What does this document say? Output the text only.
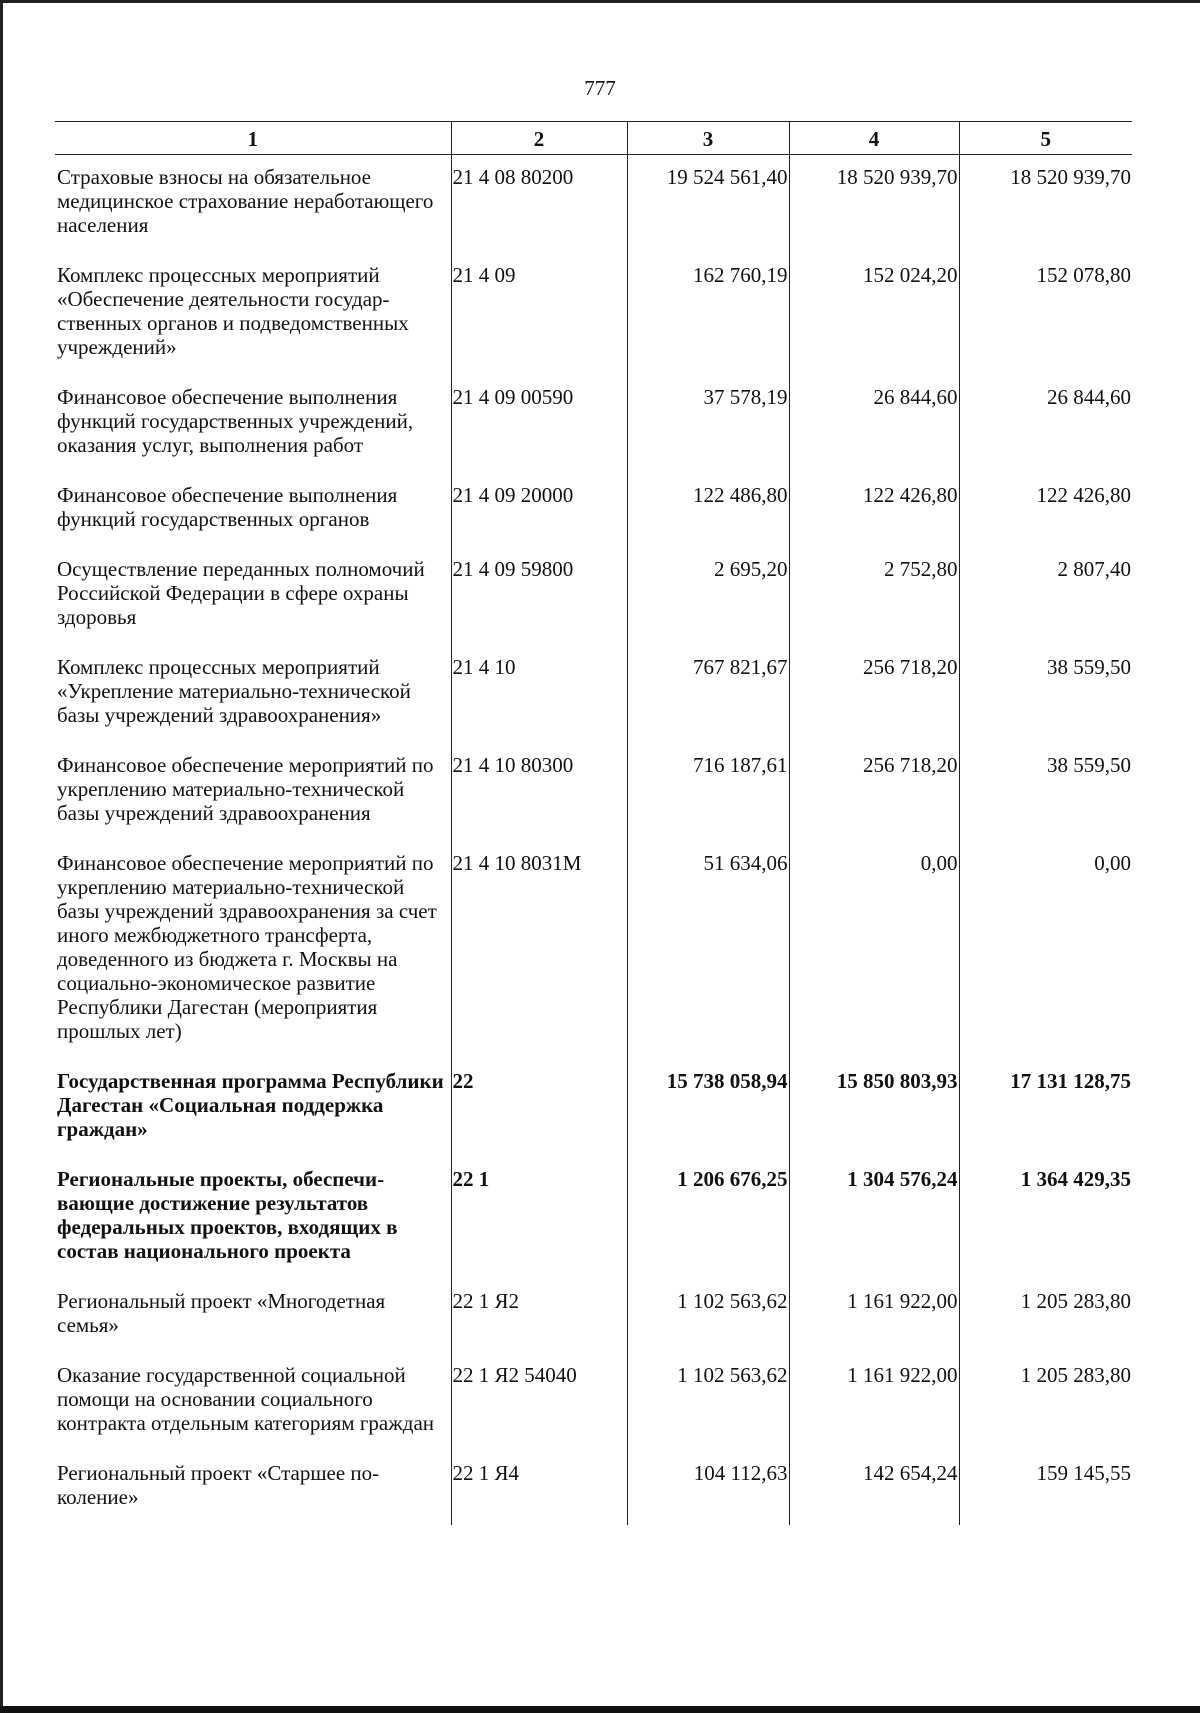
777
1	2	3	4	5
Страховые взносы на обязательное медицинское страхование неработающего населения	21 4 08 80200	19 524 561,40	18 520 939,70	18 520 939,70
Комплекс процессных мероприятий «Обеспечение деятельности государственных органов и подведомственных учреждений»	21 4 09	162 760,19	152 024,20	152 078,80
Финансовое обеспечение выполнения функций государственных учреждений, оказания услуг, выполнения работ	21 4 09 00590	37 578,19	26 844,60	26 844,60
Финансовое обеспечение выполнения функций государственных органов	21 4 09 20000	122 486,80	122 426,80	122 426,80
Осуществление переданных полномочий Российской Федерации в сфере охраны здоровья	21 4 09 59800	2 695,20	2 752,80	2 807,40
Комплекс процессных мероприятий «Укрепление материально-технической базы учреждений здравоохранения»	21 4 10	767 821,67	256 718,20	38 559,50
Финансовое обеспечение мероприятий по укреплению материально-технической базы учреждений здравоохранения	21 4 10 80300	716 187,61	256 718,20	38 559,50
Финансовое обеспечение мероприятий по укреплению материально-технической базы учреждений здравоохранения за счет иного межбюджетного трансферта, доведенного из бюджета г. Москвы на социально-экономическое развитие Республики Дагестан (мероприятия прошлых лет)	21 4 10 8031М	51 634,06	0,00	0,00
Государственная программа Республики Дагестан «Социальная поддержка граждан»	22	15 738 058,94	15 850 803,93	17 131 128,75
Региональные проекты, обеспечивающие достижение результатов федеральных проектов, входящих в состав национального проекта	22 1	1 206 676,25	1 304 576,24	1 364 429,35
Региональный проект «Многодетная семья»	22 1 Я2	1 102 563,62	1 161 922,00	1 205 283,80
Оказание государственной социальной помощи на основании социального контракта отдельным категориям граждан	22 1 Я2 54040	1 102 563,62	1 161 922,00	1 205 283,80
Региональный проект «Старшее поколение»	22 1 Я4	104 112,63	142 654,24	159 145,55
